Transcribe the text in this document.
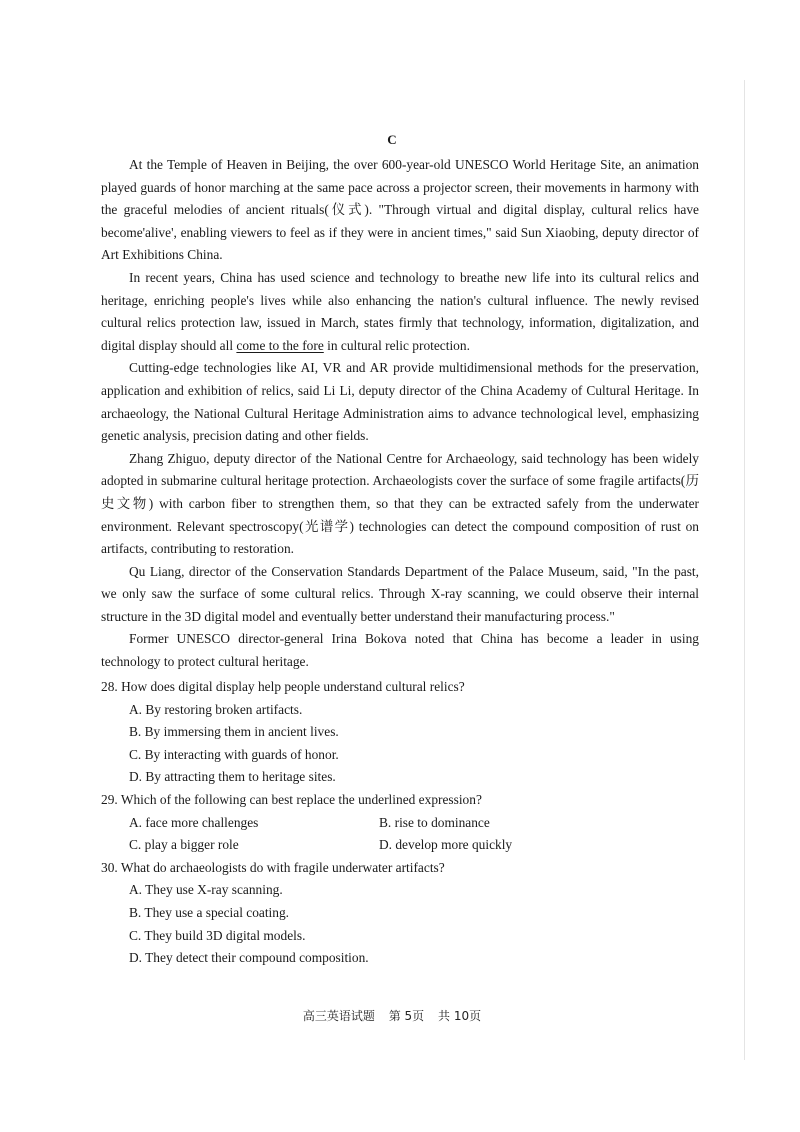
C

At the Temple of Heaven in Beijing, the over 600-year-old UNESCO World Heritage Site, an animation played guards of honor marching at the same pace across a projector screen, their movements in harmony with the graceful melodies of ancient rituals(仪式). "Through virtual and digital display, cultural relics have become'alive', enabling viewers to feel as if they were in ancient times," said Sun Xiaobing, deputy director of Art Exhibitions China.

In recent years, China has used science and technology to breathe new life into its cultural relics and heritage, enriching people's lives while also enhancing the nation's cultural influence. The newly revised cultural relics protection law, issued in March, states firmly that technology, information, digitalization, and digital display should all come to the fore in cultural relic protection.

Cutting-edge technologies like AI, VR and AR provide multidimensional methods for the preservation, application and exhibition of relics, said Li Li, deputy director of the China Academy of Cultural Heritage. In archaeology, the National Cultural Heritage Administration aims to advance technological level, emphasizing genetic analysis, precision dating and other fields.

Zhang Zhiguo, deputy director of the National Centre for Archaeology, said technology has been widely adopted in submarine cultural heritage protection. Archaeologists cover the surface of some fragile artifacts(历史文物) with carbon fiber to strengthen them, so that they can be extracted safely from the underwater environment. Relevant spectroscopy(光谱学) technologies can detect the compound composition of rust on artifacts, contributing to restoration.

Qu Liang, director of the Conservation Standards Department of the Palace Museum, said, "In the past, we only saw the surface of some cultural relics. Through X-ray scanning, we could observe their internal structure in the 3D digital model and eventually better understand their manufacturing process."

Former UNESCO director-general Irina Bokova noted that China has become a leader in using technology to protect cultural heritage.

28. How does digital display help people understand cultural relics?
A. By restoring broken artifacts.
B. By immersing them in ancient lives.
C. By interacting with guards of honor.
D. By attracting them to heritage sites.
29. Which of the following can best replace the underlined expression?
A. face more challenges	B. rise to dominance
C. play a bigger role	D. develop more quickly
30. What do archaeologists do with fragile underwater artifacts?
A. They use X-ray scanning.
B. They use a special coating.
C. They build 3D digital models.
D. They detect their compound composition.
高三英语试题 第 5页 共 10页
